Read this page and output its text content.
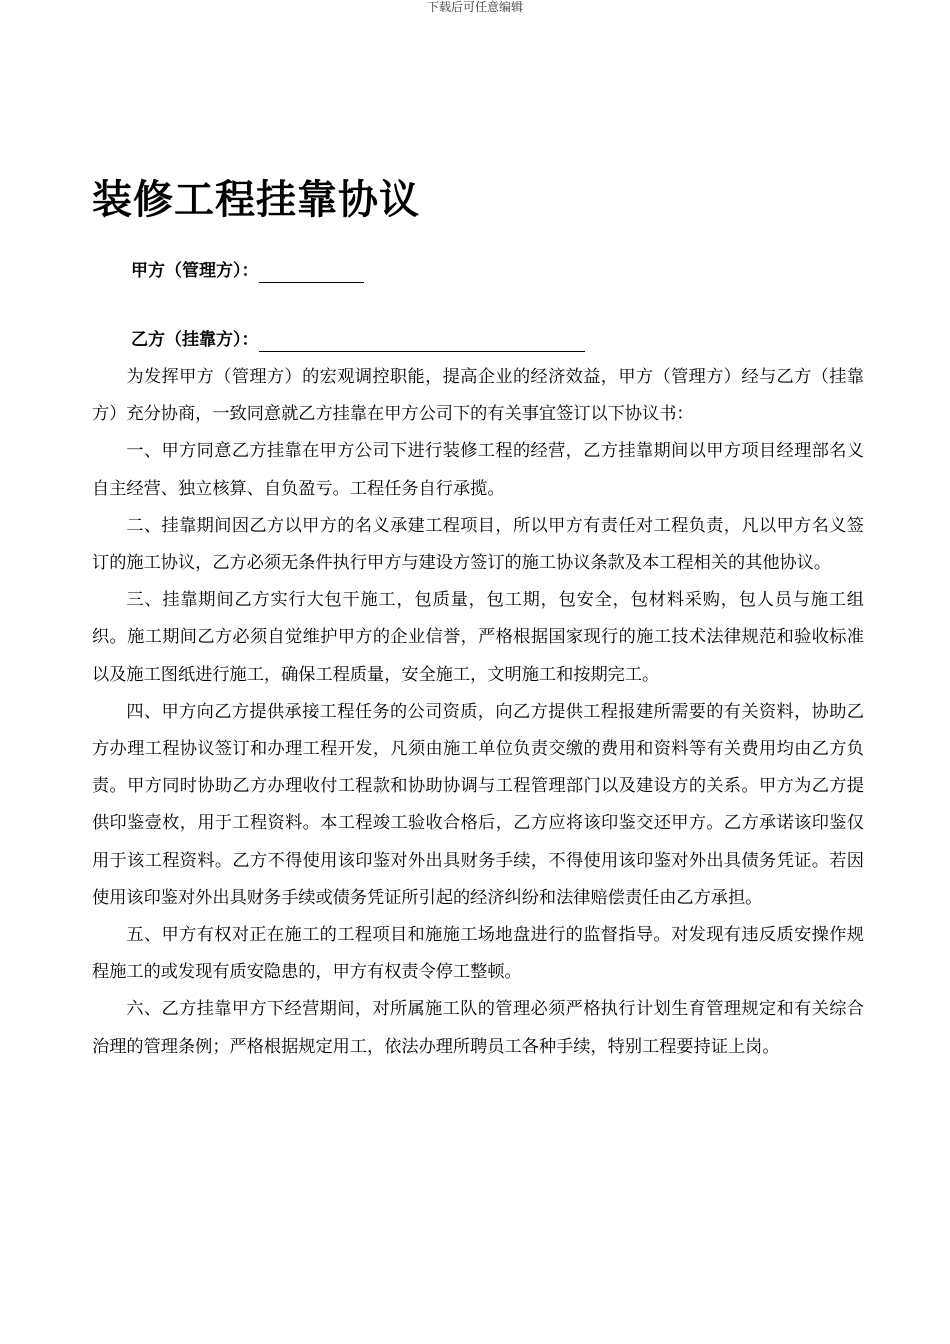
下载后可任意编辑
装修工程挂靠协议
甲方（管理方）：
乙方（挂靠方）：

为发挥甲方（管理方）的宏观调控职能，提高企业的经济效益，甲方（管理方）经与乙方（挂靠方）充分协商，一致同意就乙方挂靠在甲方公司下的有关事宜签订以下协议书：

一、甲方同意乙方挂靠在甲方公司下进行装修工程的经营，乙方挂靠期间以甲方项目经理部名义自主经营、独立核算、自负盈亏。工程任务自行承揽。

二、挂靠期间因乙方以甲方的名义承建工程项目，所以甲方有责任对工程负责，凡以甲方名义签订的施工协议，乙方必须无条件执行甲方与建设方签订的施工协议条款及本工程相关的其他协议。

三、挂靠期间乙方实行大包干施工，包质量，包工期，包安全，包材料采购，包人员与施工组织。施工期间乙方必须自觉维护甲方的企业信誉，严格根据国家现行的施工技术法律规范和验收标准以及施工图纸进行施工，确保工程质量，安全施工，文明施工和按期完工。

四、甲方向乙方提供承接工程任务的公司资质，向乙方提供工程报建所需要的有关资料，协助乙方办理工程协议签订和办理工程开发，凡须由施工单位负责交缴的费用和资料等有关费用均由乙方负责。甲方同时协助乙方办理收付工程款和协助协调与工程管理部门以及建设方的关系。甲方为乙方提供印鉴壹枚，用于工程资料。本工程竣工验收合格后，乙方应将该印鉴交还甲方。乙方承诺该印鉴仅用于该工程资料。乙方不得使用该印鉴对外出具财务手续，不得使用该印鉴对外出具债务凭证。若因使用该印鉴对外出具财务手续或债务凭证所引起的经济纠纷和法律赔偿责任由乙方承担。

五、甲方有权对正在施工的工程项目和施施工场地盘进行的监督指导。对发现有违反质安操作规程施工的或发现有质安隐患的，甲方有权责令停工整顿。

六、乙方挂靠甲方下经营期间，对所属施工队的管理必须严格执行计划生育管理规定和有关综合治理的管理条例；严格根据规定用工，依法办理所聘员工各种手续，特别工程要持证上岗。
